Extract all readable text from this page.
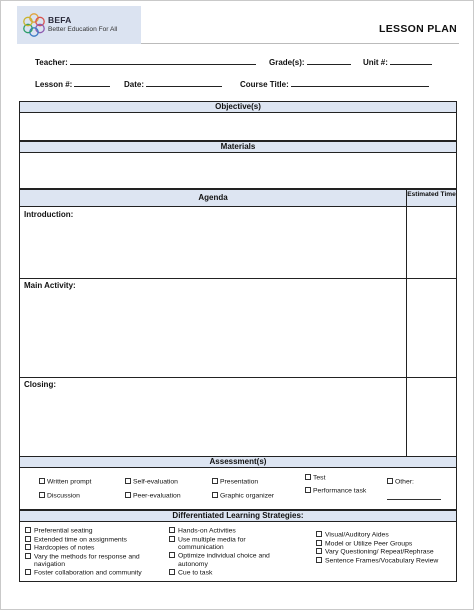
BEFA
Better Education For All	LESSON PLAN
Teacher:	Grade(s):	Unit #:
Lesson #:	Date:	Course Title:
Objective(s)
Materials
Agenda	Estimated Time
Introduction:
Main Activity:
Closing:
Assessment(s)
Written prompt
Discussion
Self-evaluation
Peer-evaluation
Presentation
Graphic organizer
Test
Performance task
Other:
Differentiated Learning Strategies:
Preferential seating
Extended time on assignments
Hardcopies of notes
Vary the methods for response and navigation
Foster collaboration and community
Hands-on Activities
Use multiple media for communication
Optimize individual choice and autonomy
Cue to task
Visual/Auditory Aides
Model or Utilize Peer Groups
Vary Questioning/ Repeat/Rephrase
Sentence Frames/Vocabulary Review
